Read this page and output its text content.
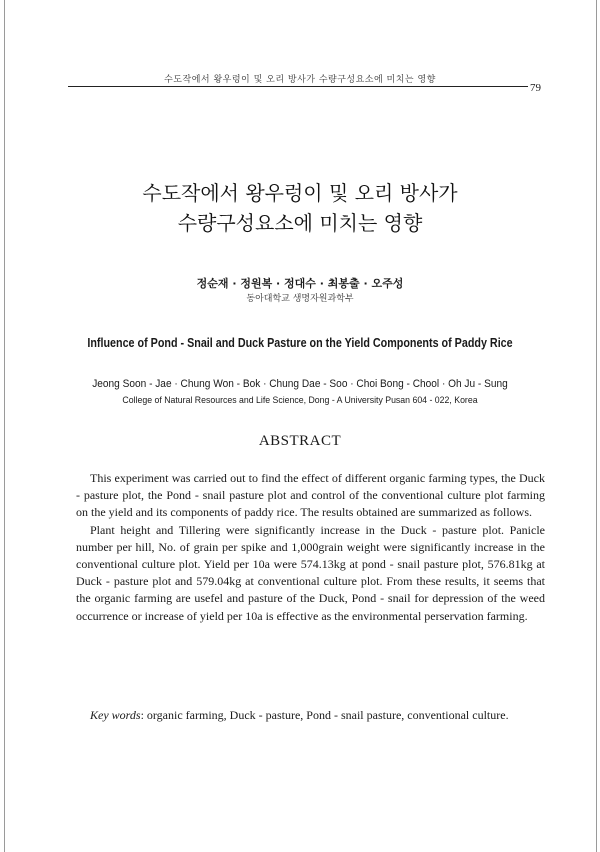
수도작에서 왕우렁이 및 오리 방사가 수량구성요소에 미치는 영향
79
수도작에서 왕우렁이 및 오리 방사가
수량구성요소에 미치는 영향
정순재 · 정원복 · 정대수 · 최봉출 · 오주성
동아대학교 생명자원과학부
Influence of Pond - Snail and Duck Pasture on the Yield Components of Paddy Rice
Jeong Soon - Jae · Chung Won - Bok · Chung Dae - Soo · Choi Bong - Chool · Oh Ju - Sung
College of Natural Resources and Life Science, Dong - A University Pusan 604 - 022, Korea
ABSTRACT

This experiment was carried out to find the effect of different organic farming types, the Duck - pasture plot, the Pond - snail pasture plot and control of the conventional culture plot farming on the yield and its components of paddy rice. The results obtained are summarized as follows.

Plant height and Tillering were significantly increase in the Duck - pasture plot. Panicle number per hill, No. of grain per spike and 1,000grain weight were significantly increase in the conventional culture plot. Yield per 10a were 574.13kg at pond - snail pasture plot, 576.81kg at Duck - pasture plot and 579.04kg at conventional culture plot. From these results, it seems that the organic farming are usefel and pasture of the Duck, Pond - snail for depression of the weed occurrence or increase of yield per 10a is effective as the environmental perservation farming.

Key words: organic farming, Duck - pasture, Pond - snail pasture, conventional culture.
